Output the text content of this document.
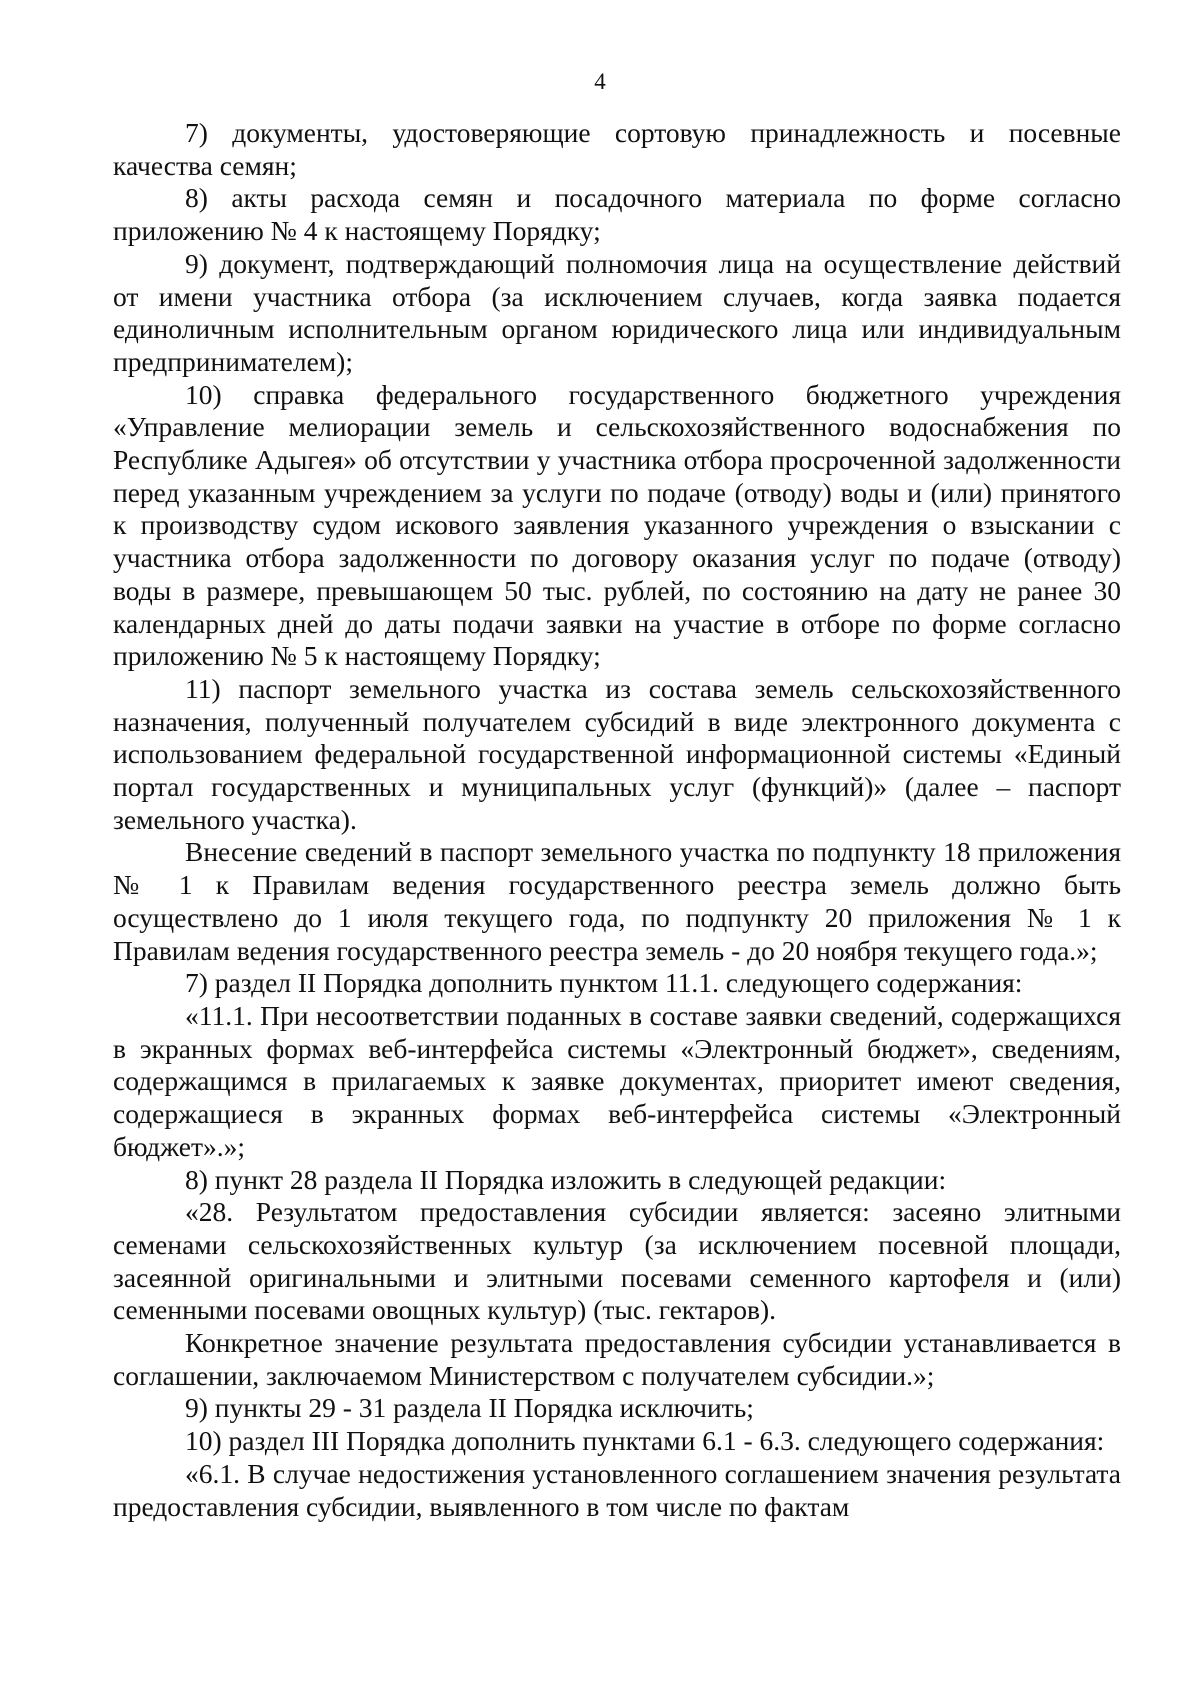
4

7) документы, удостоверяющие сортовую принадлежность и посевные качества семян;

8) акты расхода семян и посадочного материала по форме согласно приложению № 4 к настоящему Порядку;

9) документ, подтверждающий полномочия лица на осуществление действий от имени участника отбора (за исключением случаев, когда заявка подается единоличным исполнительным органом юридического лица или индивидуальным предпринимателем);

10) справка федерального государственного бюджетного учреждения «Управление мелиорации земель и сельскохозяйственного водоснабжения по Республике Адыгея» об отсутствии у участника отбора просроченной задолженности перед указанным учреждением за услуги по подаче (отводу) воды и (или) принятого к производству судом искового заявления указанного учреждения о взыскании с участника отбора задолженности по договору оказания услуг по подаче (отводу) воды в размере, превышающем 50 тыс. рублей, по состоянию на дату не ранее 30 календарных дней до даты подачи заявки на участие в отборе по форме согласно приложению № 5 к настоящему Порядку;

11) паспорт земельного участка из состава земель сельскохозяйственного назначения, полученный получателем субсидий в виде электронного документа с использованием федеральной государственной информационной системы «Единый портал государственных и муниципальных услуг (функций)» (далее – паспорт земельного участка).

Внесение сведений в паспорт земельного участка по подпункту 18 приложения № 1 к Правилам ведения государственного реестра земель должно быть осуществлено до 1 июля текущего года, по подпункту 20 приложения № 1 к Правилам ведения государственного реестра земель - до 20 ноября текущего года.»;

7) раздел II Порядка дополнить пунктом 11.1. следующего содержания:

«11.1. При несоответствии поданных в составе заявки сведений, содержащихся в экранных формах веб-интерфейса системы «Электронный бюджет», сведениям, содержащимся в прилагаемых к заявке документах, приоритет имеют сведения, содержащиеся в экранных формах веб-интерфейса системы «Электронный бюджет».»;

8) пункт 28 раздела II Порядка изложить в следующей редакции:

«28. Результатом предоставления субсидии является: засеяно элитными семенами сельскохозяйственных культур (за исключением посевной площади, засеянной оригинальными и элитными посевами семенного картофеля и (или) семенными посевами овощных культур) (тыс. гектаров).

Конкретное значение результата предоставления субсидии устанавливается в соглашении, заключаемом Министерством с получателем субсидии.»;

9) пункты 29 - 31 раздела II Порядка исключить;

10) раздел III Порядка дополнить пунктами 6.1 - 6.3. следующего содержания:

«6.1. В случае недостижения установленного соглашением значения результата предоставления субсидии, выявленного в том числе по фактам
